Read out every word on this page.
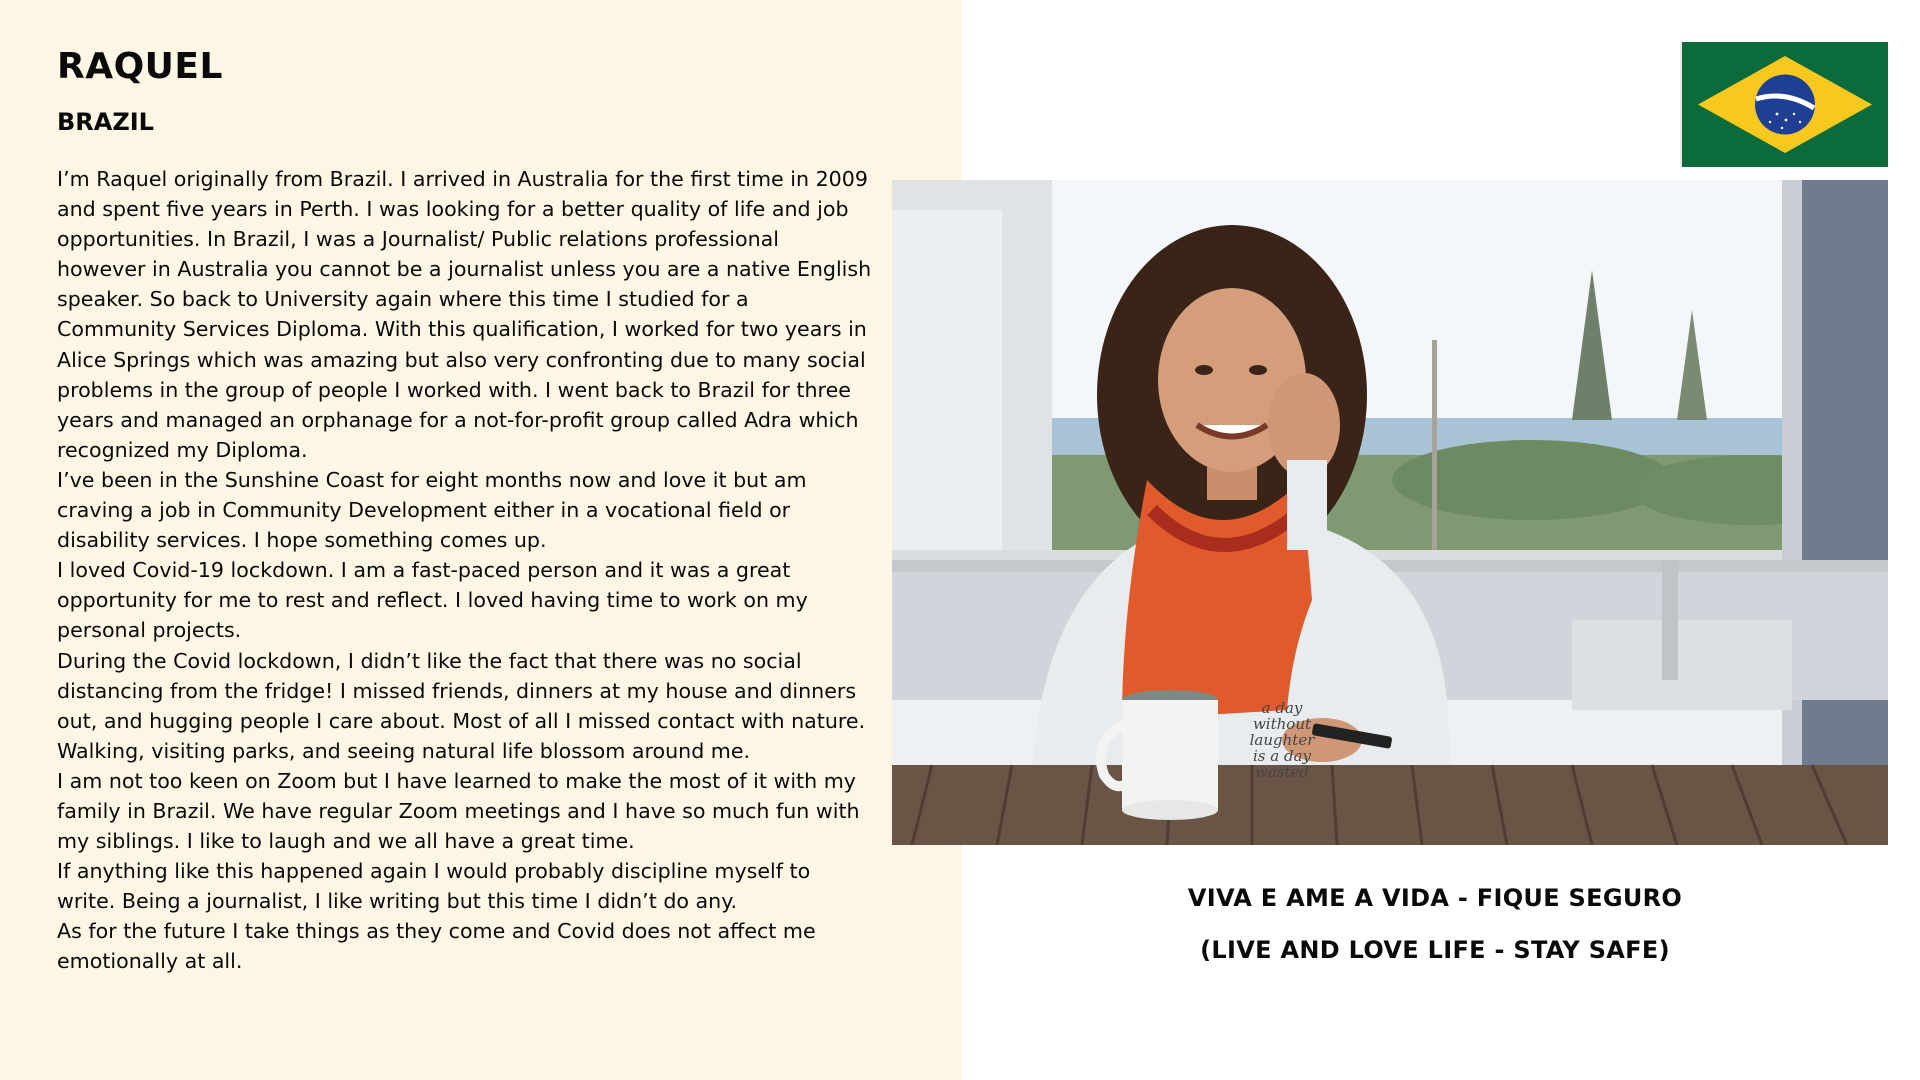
RAQUEL
BRAZIL

I’m Raquel originally from Brazil. I arrived in Australia for the first time in 2009 and spent five years in Perth. I was looking for a better quality of life and job opportunities. In Brazil, I was a Journalist/ Public relations professional however in Australia you cannot be a journalist unless you are a native English speaker. So back to University again where this time I studied for a Community Services Diploma. With this qualification, I worked for two years in Alice Springs which was amazing but also very confronting due to many social problems in the group of people I worked with. I went back to Brazil for three years and managed an orphanage for a not-for-profit group called Adra which recognized my Diploma.

I’ve been in the Sunshine Coast for eight months now and love it but am craving a job in Community Development either in a vocational field or disability services. I hope something comes up.

I loved Covid-19 lockdown. I am a fast-paced person and it was a great opportunity for me to rest and reflect. I loved having time to work on my personal projects.

During the Covid lockdown, I didn’t like the fact that there was no social distancing from the fridge! I missed friends, dinners at my house and dinners out, and hugging people I care about. Most of all I missed contact with nature. Walking, visiting parks, and seeing natural life blossom around me.

I am not too keen on Zoom but I have learned to make the most of it with my family in Brazil. We have regular Zoom meetings and I have so much fun with my siblings. I like to laugh and we all have a great time.

If anything like this happened again I would probably discipline myself to write. Being a journalist, I like writing but this time I didn’t do any.

As for the future I take things as they come and Covid does not affect me emotionally at all.

a day
without
laughter
is a day
wasted

VIVA E AME A VIDA - FIQUE SEGURO

(LIVE AND LOVE LIFE - STAY SAFE)
